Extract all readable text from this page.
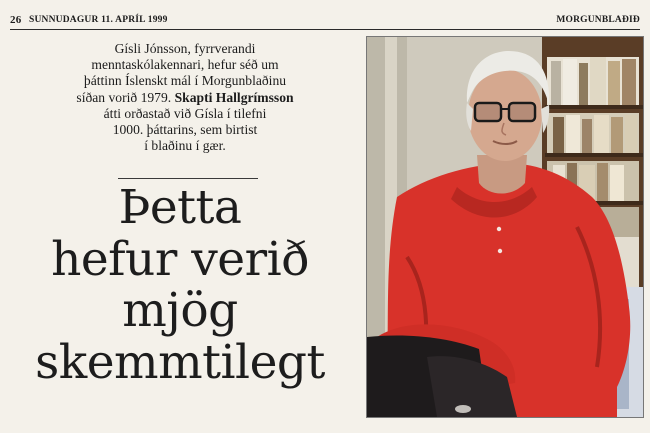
26 SUNNUDAGUR 11. APRÍL 1999	MORGUNBLAÐIÐ
Gísli Jónsson, fyrrverandi
menntaskólakennari, hefur séð um
þáttinn Íslenskt mál í Morgunblaðinu
síðan vorið 1979. Skapti Hallgrímsson
átti orðastað við Gísla í tilefni
1000. þáttarins, sem birtist
í blaðinu í gær.
Þetta
hefur verið
mjög
skemmtilegt
